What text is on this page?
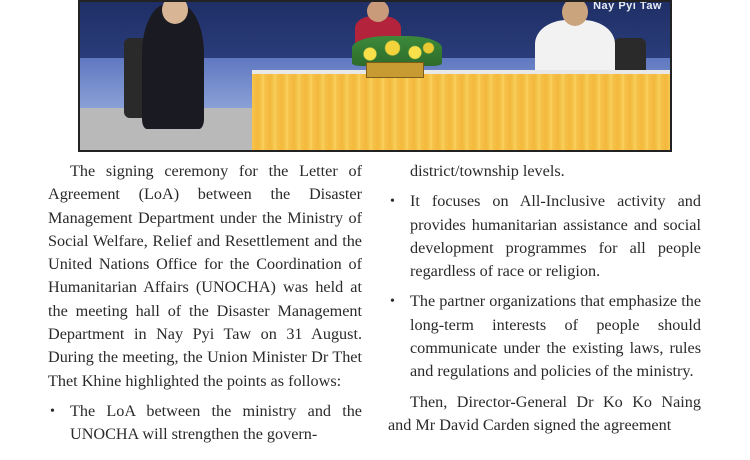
Nay Pyi Taw

The signing ceremony for the Letter of Agreement (LoA) between the Disaster Management Department under the Ministry of Social Welfare, Relief and Resettlement and the United Nations Office for the Coordination of Humanitarian Affairs (UNOCHA) was held at the meeting hall of the Disaster Management Department in Nay Pyi Taw on 31 August. During the meeting, the Union Minister Dr Thet Thet Khine highlighted the points as follows:

• The LoA between the ministry and the UNOCHA will strengthen the govern-

district/township levels.

• It focuses on All-Inclusive activity and provides humanitarian assistance and social development programmes for all people regardless of race or religion.
• The partner organizations that emphasize the long-term interests of people should communicate under the existing laws, rules and regulations and policies of the ministry.

Then, Director-General Dr Ko Ko Naing and Mr David Carden signed the agreement
